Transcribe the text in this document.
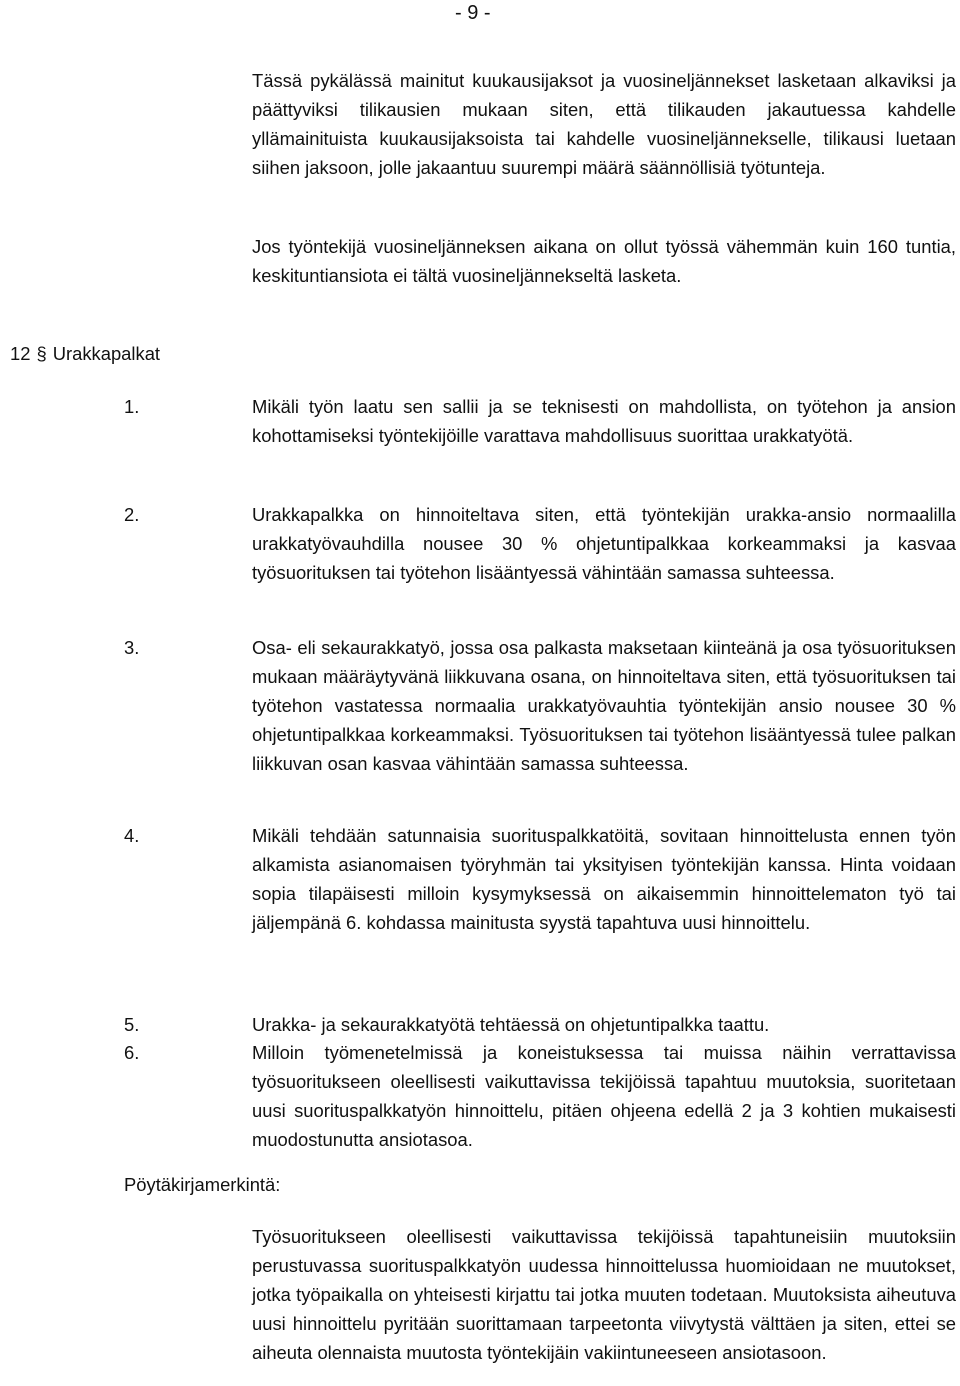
- 9 -

Tässä pykälässä mainitut kuukausijaksot ja vuosineljännekset lasketaan alkaviksi ja päättyviksi tilikausien mukaan siten, että tilikauden jakautuessa kahdelle yllämainituista kuukausijaksoista tai kahdelle vuosineljännekselle, tilikausi luetaan siihen jaksoon, jolle jakaantuu suurempi määrä säännöllisiä työtunteja.

Jos työntekijä vuosineljänneksen aikana on ollut työssä vähemmän kuin 160 tuntia, keskituntiansiota ei tältä vuosineljännekseltä lasketa.

12 § Urakkapalkat
1.	Mikäli työn laatu sen sallii ja se teknisesti on mahdollista, on työtehon ja ansion kohottamiseksi työntekijöille varattava mahdollisuus suorittaa urakkatyötä.

2.	Urakkapalkka on hinnoiteltava siten, että työntekijän urakka-ansio normaalilla urakkatyövauhdilla nousee 30 % ohjetuntipalkkaa korkeammaksi ja kasvaa työsuorituksen tai työtehon lisääntyessä vähintään samassa suhteessa.

3.	Osa- eli sekaurakkatyö, jossa osa palkasta maksetaan kiinteänä ja osa työsuorituksen mukaan määräytyvänä liikkuvana osana, on hinnoiteltava siten, että työsuorituksen tai työtehon vastatessa normaalia urakkatyövauhtia työntekijän ansio nousee 30 % ohjetuntipalkkaa korkeammaksi. Työsuorituksen tai työtehon lisääntyessä tulee palkan liikkuvan osan kasvaa vähintään samassa suhteessa.

4.	Mikäli tehdään satunnaisia suorituspalkkatöitä, sovitaan hinnoittelusta ennen työn alkamista asianomaisen työryhmän tai yksityisen työntekijän kanssa. Hinta voidaan sopia tilapäisesti milloin kysymyksessä on aikaisemmin hinnoittelematon työ tai jäljempänä 6. kohdassa mainitusta syystä tapahtuva uusi hinnoittelu.

5.	Urakka- ja sekaurakkatyötä tehtäessä on ohjetuntipalkka taattu.

6.	Milloin työmenetelmissä ja koneistuksessa tai muissa näihin verrattavissa työsuoritukseen oleellisesti vaikuttavissa tekijöissä tapahtuu muutoksia, suoritetaan uusi suorituspalkkatyön hinnoittelu, pitäen ohjeena edellä 2 ja 3 kohtien mukaisesti muodostunutta ansiotasoa.

Pöytäkirjamerkintä:

Työsuoritukseen oleellisesti vaikuttavissa tekijöissä tapahtuneisiin muutoksiin perustuvassa suorituspalkkatyön uudessa hinnoittelussa huomioidaan ne muutokset, jotka työpaikalla on yhteisesti kirjattu tai jotka muuten todetaan. Muutoksista aiheutuva uusi hinnoittelu pyritään suorittamaan tarpeetonta viivytystä välttäen ja siten, ettei se aiheuta olennaista muutosta työntekijäin vakiintuneeseen ansiotasoon.
